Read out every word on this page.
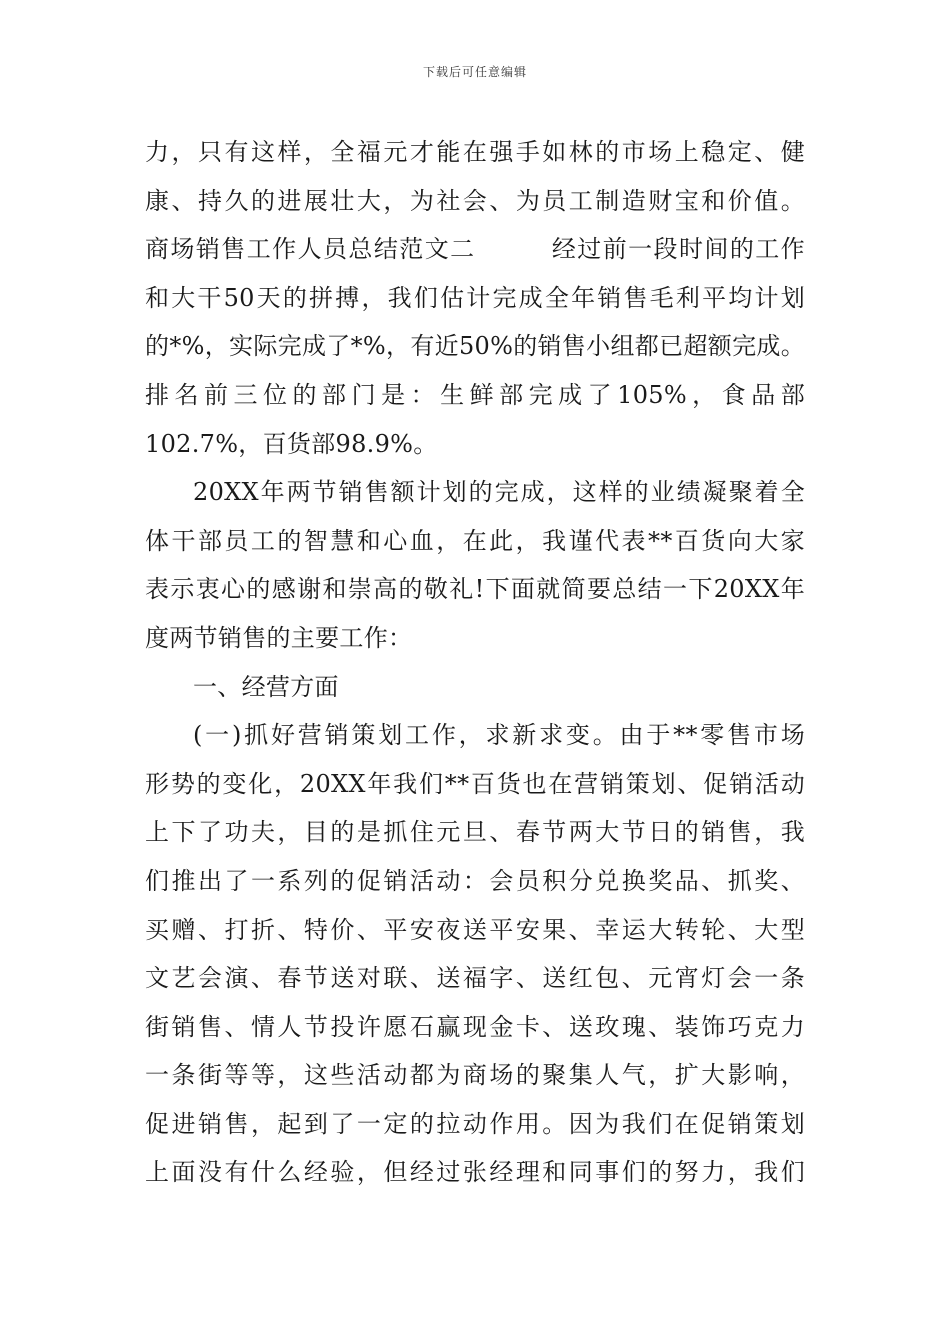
下载后可任意编辑
力，只有这样，全福元才能在强手如林的市场上稳定、健
康、持久的进展壮大，为社会、为员工制造财宝和价值。
商场销售工作人员总结范文二　　　经过前一段时间的工作
和大干50天的拼搏，我们估计完成全年销售毛利平均计划
的*%，实际完成了*%，有近50%的销售小组都已超额完成。
排名前三位的部门是：生鲜部完成了105%，食品部
102.7%，百货部98.9%。
20XX年两节销售额计划的完成，这样的业绩凝聚着全
体干部员工的智慧和心血，在此，我谨代表**百货向大家
表示衷心的感谢和崇高的敬礼!下面就简要总结一下20XX年
度两节销售的主要工作：
一、经营方面
(一)抓好营销策划工作，求新求变。由于**零售市场
形势的变化，20XX年我们**百货也在营销策划、促销活动
上下了功夫，目的是抓住元旦、春节两大节日的销售，我
们推出了一系列的促销活动：会员积分兑换奖品、抓奖、
买赠、打折、特价、平安夜送平安果、幸运大转轮、大型
文艺会演、春节送对联、送福字、送红包、元宵灯会一条
街销售、情人节投许愿石赢现金卡、送玫瑰、装饰巧克力
一条街等等，这些活动都为商场的聚集人气，扩大影响，
促进销售，起到了一定的拉动作用。因为我们在促销策划
上面没有什么经验，但经过张经理和同事们的努力，我们
